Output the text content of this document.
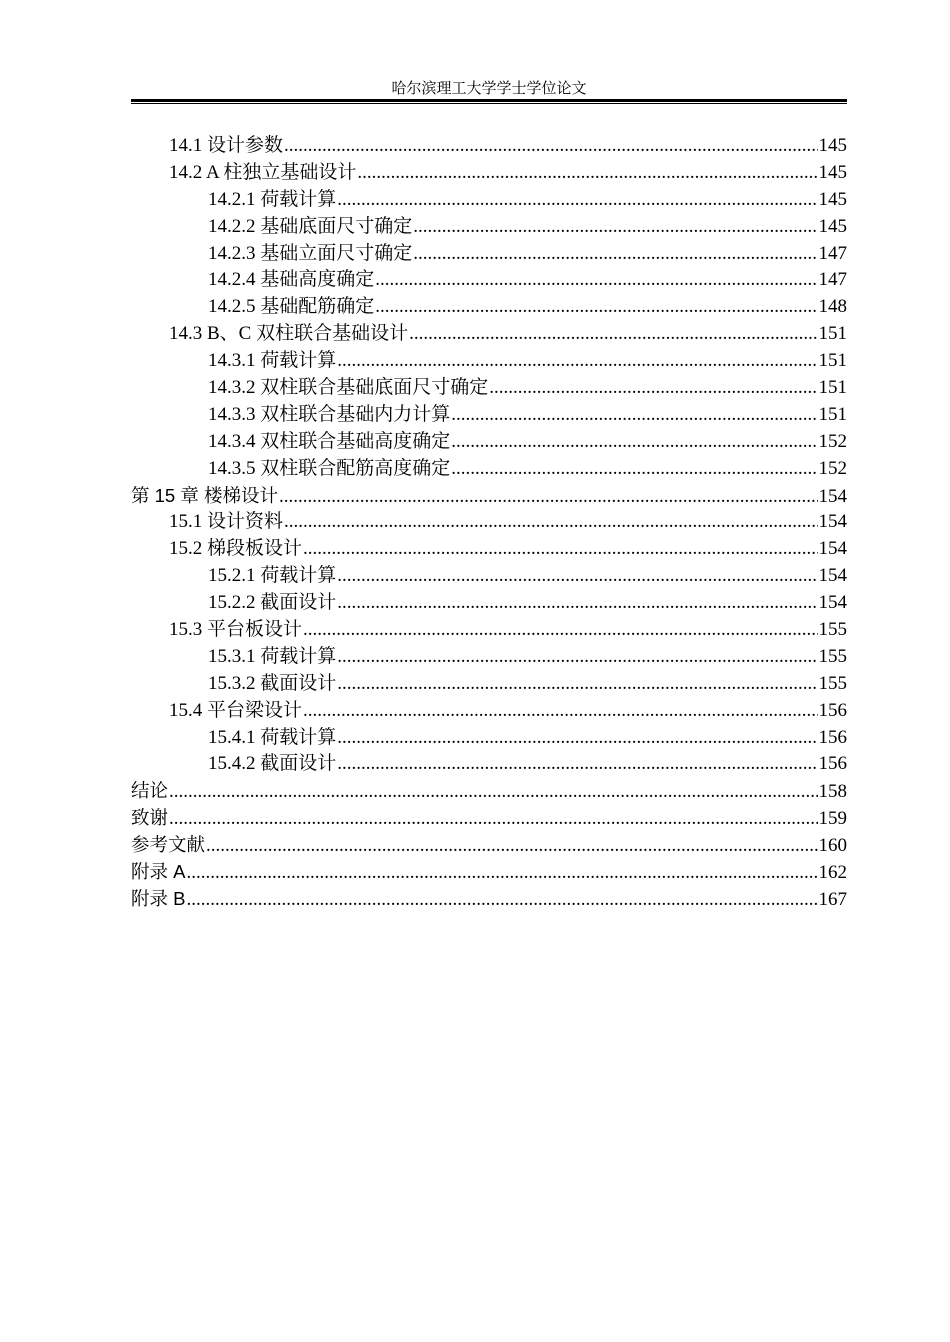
哈尔滨理工大学学士学位论文
14.1 设计参数 .....	145
14.2 A 柱独立基础设计 .....	145
14.2.1 荷载计算 .....	145
14.2.2 基础底面尺寸确定 .....	145
14.2.3 基础立面尺寸确定 .....	147
14.2.4 基础高度确定 .....	147
14.2.5 基础配筋确定 .....	148
14.3 B、C 双柱联合基础设计 .....	151
14.3.1 荷载计算 .....	151
14.3.2 双柱联合基础底面尺寸确定 .....	151
14.3.3 双柱联合基础内力计算 .....	151
14.3.4 双柱联合基础高度确定 .....	152
14.3.5 双柱联合配筋高度确定 .....	152
第 15 章 楼梯设计 .....	154
15.1 设计资料 .....	154
15.2 梯段板设计 .....	154
15.2.1 荷载计算 .....	154
15.2.2 截面设计 .....	154
15.3 平台板设计 .....	155
15.3.1 荷载计算 .....	155
15.3.2 截面设计 .....	155
15.4 平台梁设计 .....	156
15.4.1 荷载计算 .....	156
15.4.2 截面设计 .....	156
结论 .....	158
致谢 .....	159
参考文献 .....	160
附录 A .....	162
附录 B .....	167
